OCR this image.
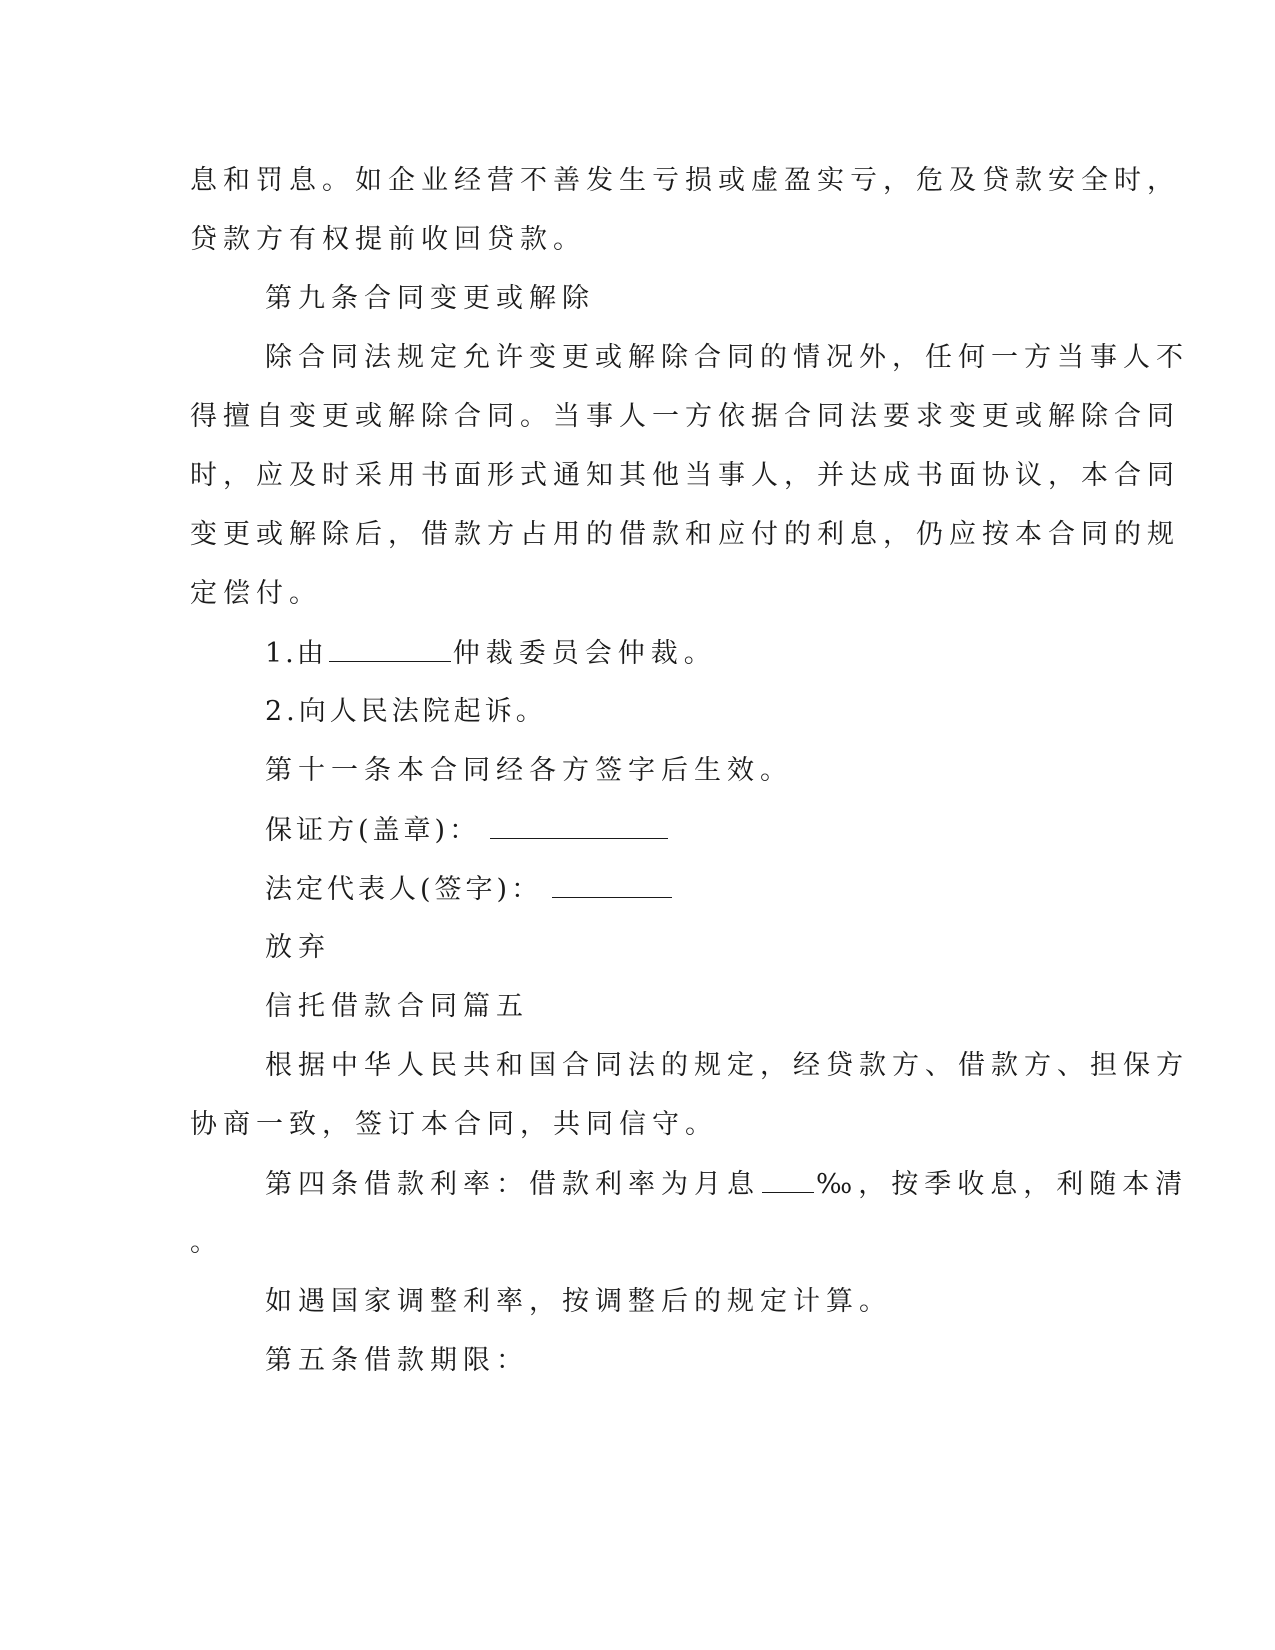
息和罚息。如企业经营不善发生亏损或虚盈实亏，危及贷款安全时，
贷款方有权提前收回贷款。
第九条合同变更或解除
除合同法规定允许变更或解除合同的情况外，任何一方当事人不
得擅自变更或解除合同。当事人一方依据合同法要求变更或解除合同
时，应及时采用书面形式通知其他当事人，并达成书面协议，本合同
变更或解除后，借款方占用的借款和应付的利息，仍应按本合同的规
定偿付。
1.由	仲裁委员会仲裁。
2.向人民法院起诉。
第十一条本合同经各方签字后生效。
保证方(盖章)：
法定代表人(签字)：
放弃
信托借款合同篇五
根据中华人民共和国合同法的规定，经贷款方、借款方、担保方
协商一致，签订本合同，共同信守。
第四条借款利率：借款利率为月息 ‰，按季收息，利随本清
。
如遇国家调整利率，按调整后的规定计算。
第五条借款期限：
